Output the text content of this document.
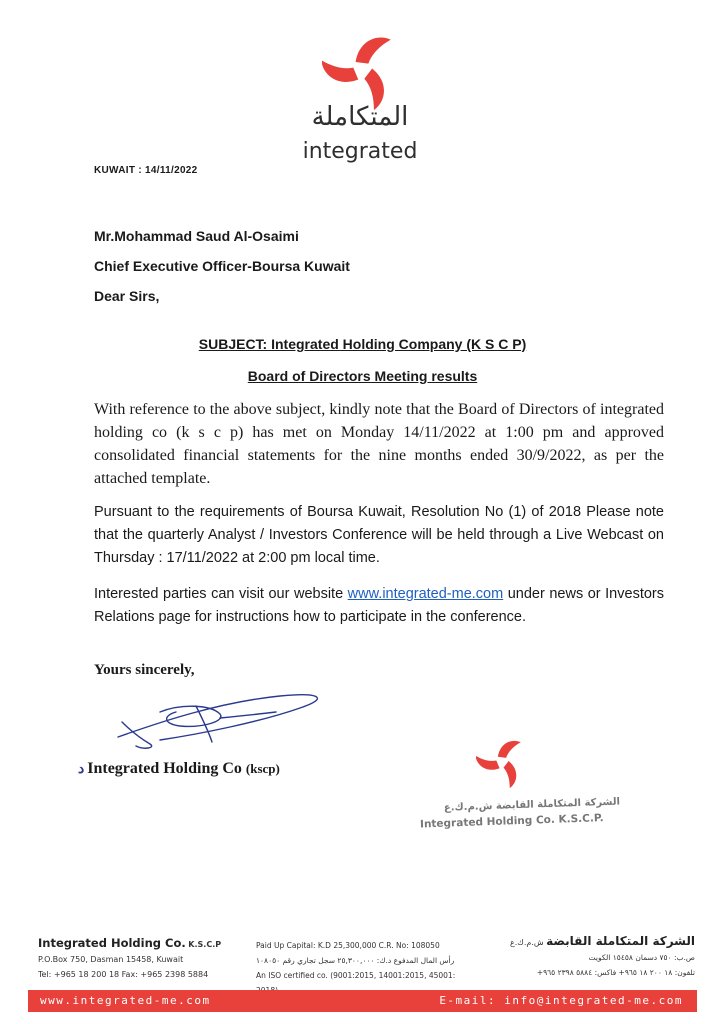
المتكاملة
integrated
KUWAIT : 14/11/2022
Mr.Mohammad Saud Al-Osaimi
Chief Executive Officer-Boursa Kuwait
Dear Sirs,
SUBJECT: Integrated Holding Company (K S C P)
Board of Directors Meeting results
With reference to the above subject, kindly note that the Board of Directors of integrated holding co (k s c p) has met on Monday 14/11/2022 at 1:00 pm and approved consolidated financial statements for the nine months ended 30/9/2022, as per the attached template.
Pursuant to the requirements of Boursa Kuwait, Resolution No (1) of 2018 Please note that the quarterly Analyst / Investors Conference will be held through a Live Webcast on Thursday : 17/11/2022 at 2:00 pm local time.
Interested parties can visit our website www.integrated-me.com under news or Investors Relations page for instructions how to participate in the conference.
Yours sincerely,
د Integrated Holding Co (kscp)
الشركة المتكاملة القابضة ش.م.ك.ع
Integrated Holding Co. K.S.C.P.
Integrated Holding Co. K.S.C.P
P.O.Box 750, Dasman 15458, Kuwait
Tel: +965 18 200 18 Fax: +965 2398 5884
Paid Up Capital: K.D 25,300,000 C.R. No: 108050
رأس المال المدفوع د.ك: ٢٥,٣٠٠,٠٠٠ سجل تجاري رقم ١٠٨٠٥٠
An ISO certified co. (9001:2015, 14001:2015, 45001:
الشركة المتكاملة القابضة ش.م.ك.ع
ص.ب: ٧٥٠ دسمان ١٥٤٥٨ الكويت
تلفون: ١٨ ٢٠٠ ١٨ ٩٦٥+ فاكس: ٥٨٨٤ ٢٣٩٨ ٩٦٥+
www.integrated-me.com	E-mail: info@integrated-me.com
